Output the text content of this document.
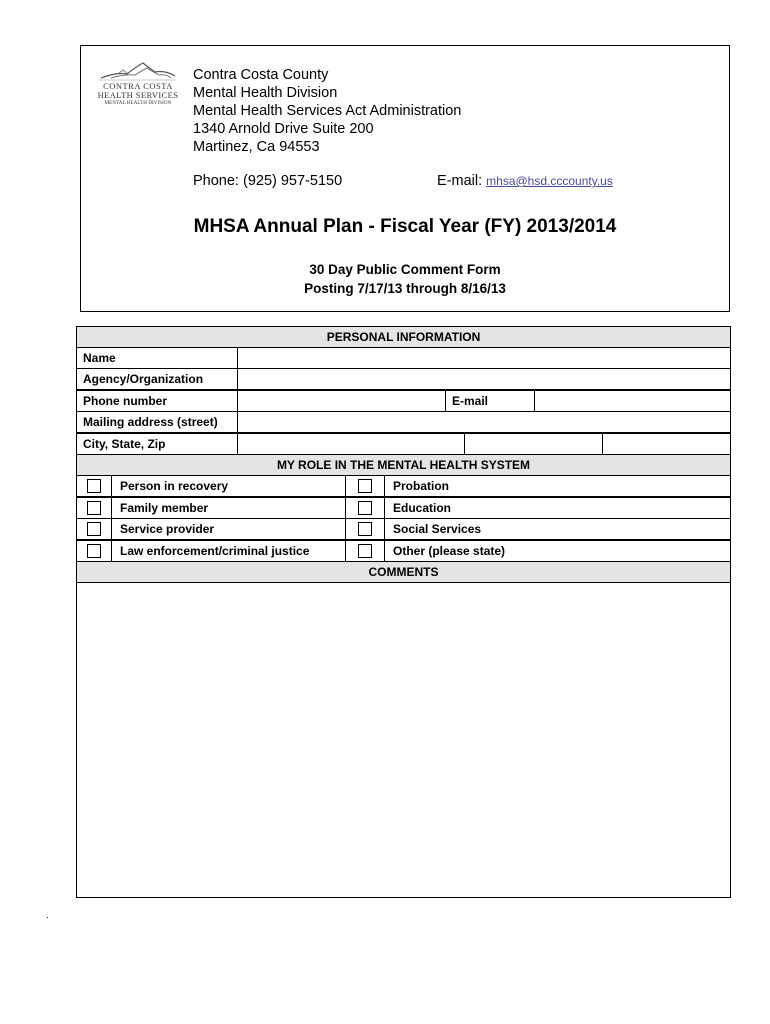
CONTRA COSTA
HEALTH SERVICES
MENTAL HEALTH DIVISION
Contra Costa County
Mental Health Division
Mental Health Services Act Administration
1340 Arnold Drive Suite 200
Martinez, Ca 94553
Phone: (925) 957-5150	E-mail: mhsa@hsd.cccounty.us
MHSA Annual Plan - Fiscal Year (FY) 2013/2014
30 Day Public Comment Form
Posting 7/17/13 through 8/16/13
PERSONAL INFORMATION
Name
Agency/Organization
Phone number	E-mail
Mailing address (street)
City, State, Zip
MY ROLE IN THE MENTAL HEALTH SYSTEM
Person in recovery
Family member
Service provider
Law enforcement/criminal justice
Probation
Education
Social Services
Other (please state)
COMMENTS
.
